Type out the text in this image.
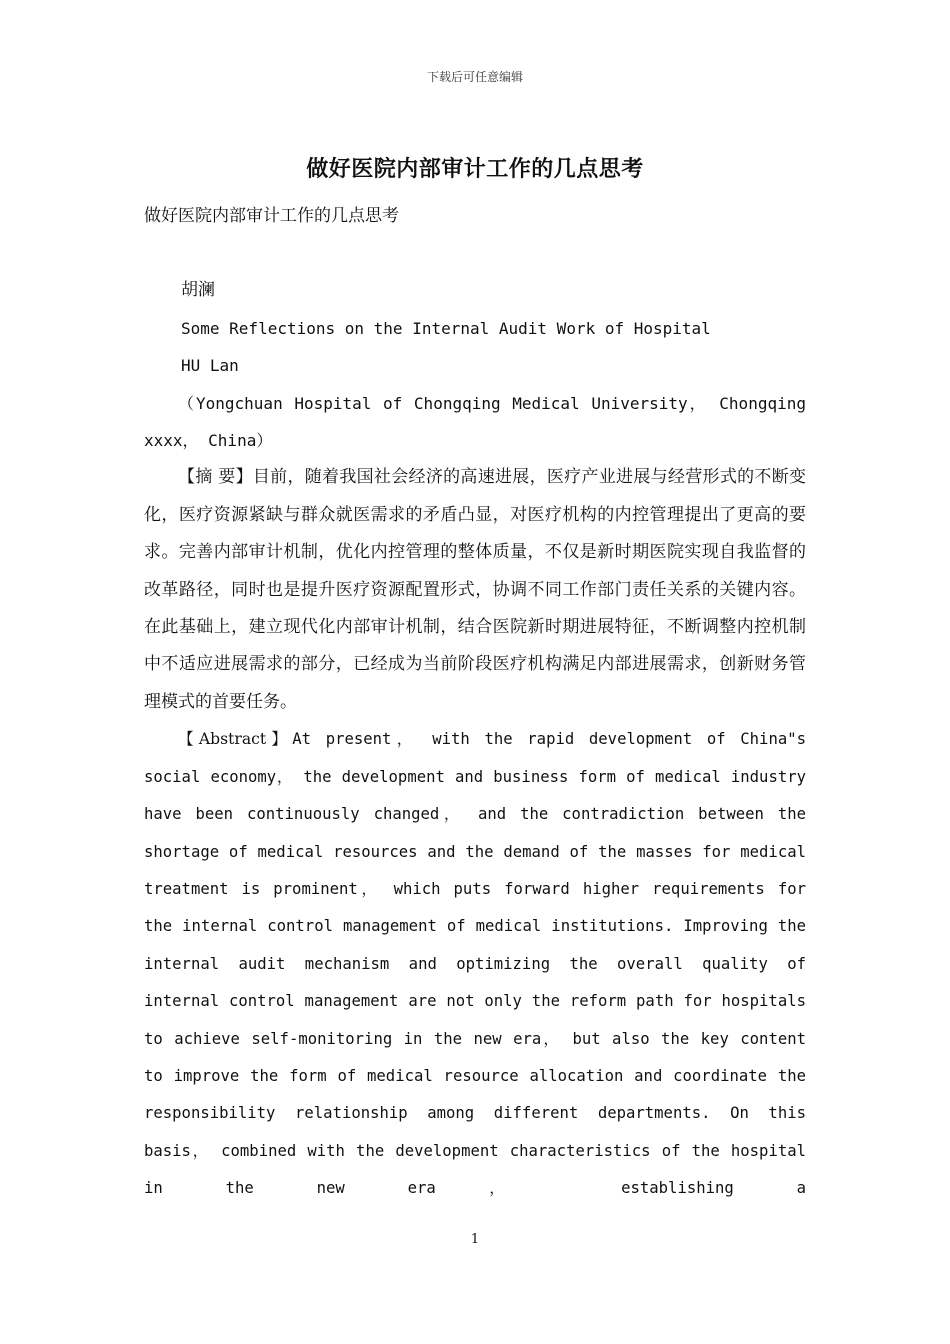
下载后可任意编辑
做好医院内部审计工作的几点思考
做好医院内部审计工作的几点思考
胡澜
Some Reflections on the Internal Audit Work of Hospital
HU Lan

（Yongchuan Hospital of Chongqing Medical University， Chongqing xxxx， China）

【摘 要】目前，随着我国社会经济的高速进展，医疗产业进展与经营形式的不断变化，医疗资源紧缺与群众就医需求的矛盾凸显，对医疗机构的内控管理提出了更高的要求。完善内部审计机制，优化内控管理的整体质量，不仅是新时期医院实现自我监督的改革路径，同时也是提升医疗资源配置形式，协调不同工作部门责任关系的关键内容。在此基础上，建立现代化内部审计机制，结合医院新时期进展特征，不断调整内控机制中不适应进展需求的部分，已经成为当前阶段医疗机构满足内部进展需求，创新财务管理模式的首要任务。

【Abstract】At present， with the rapid development of China"s social economy， the development and business form of medical industry have been continuously changed， and the contradiction between the shortage of medical resources and the demand of the masses for medical treatment is prominent， which puts forward higher requirements for the internal control management of medical institutions. Improving the internal audit mechanism and optimizing the overall quality of internal control management are not only the reform path for hospitals to achieve self-monitoring in the new era， but also the key content to improve the form of medical resource allocation and coordinate the responsibility relationship among different departments. On this basis， combined with the development characteristics of the hospital in the new era， establishing a

1
